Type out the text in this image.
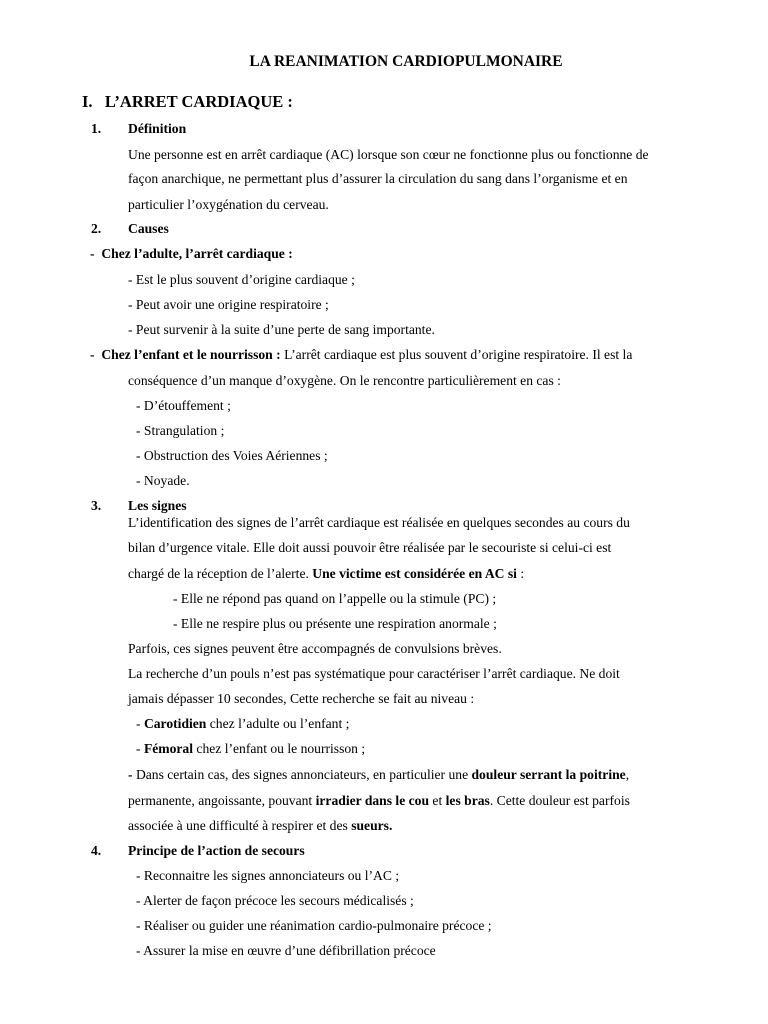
LA REANIMATION CARDIOPULMONAIRE
I. L’ARRET CARDIAQUE :
1. Définition
Une personne est en arrêt cardiaque (AC) lorsque son cœur ne fonctionne plus ou fonctionne de
façon anarchique, ne permettant plus d’assurer la circulation du sang dans l’organisme et en
particulier l’oxygénation du cerveau.
2. Causes
- Chez l’adulte, l’arrêt cardiaque :
- Est le plus souvent d’origine cardiaque ;
- Peut avoir une origine respiratoire ;
- Peut survenir à la suite d’une perte de sang importante.
- Chez l’enfant et le nourrisson : L’arrêt cardiaque est plus souvent d’origine respiratoire. Il est la
conséquence d’un manque d’oxygène. On le rencontre particulièrement en cas :
- D’étouffement ;
- Strangulation ;
- Obstruction des Voies Aériennes ;
- Noyade.
3. Les signes
L’identification des signes de l’arrêt cardiaque est réalisée en quelques secondes au cours du
bilan d’urgence vitale. Elle doit aussi pouvoir être réalisée par le secouriste si celui-ci est
chargé de la réception de l’alerte. Une victime est considérée en AC si :
- Elle ne répond pas quand on l’appelle ou la stimule (PC) ;
- Elle ne respire plus ou présente une respiration anormale ;
Parfois, ces signes peuvent être accompagnés de convulsions brèves.
La recherche d’un pouls n’est pas systématique pour caractériser l’arrêt cardiaque. Ne doit
jamais dépasser 10 secondes, Cette recherche se fait au niveau :
- Carotidien chez l’adulte ou l’enfant ;
- Fémoral chez l’enfant ou le nourrisson ;
- Dans certain cas, des signes annonciateurs, en particulier une douleur serrant la poitrine,
permanente, angoissante, pouvant irradier dans le cou et les bras. Cette douleur est parfois
associée à une difficulté à respirer et des sueurs.
4. Principe de l’action de secours
- Reconnaitre les signes annonciateurs ou l’AC ;
- Alerter de façon précoce les secours médicalisés ;
- Réaliser ou guider une réanimation cardio-pulmonaire précoce ;
- Assurer la mise en œuvre d’une défibrillation précoce
